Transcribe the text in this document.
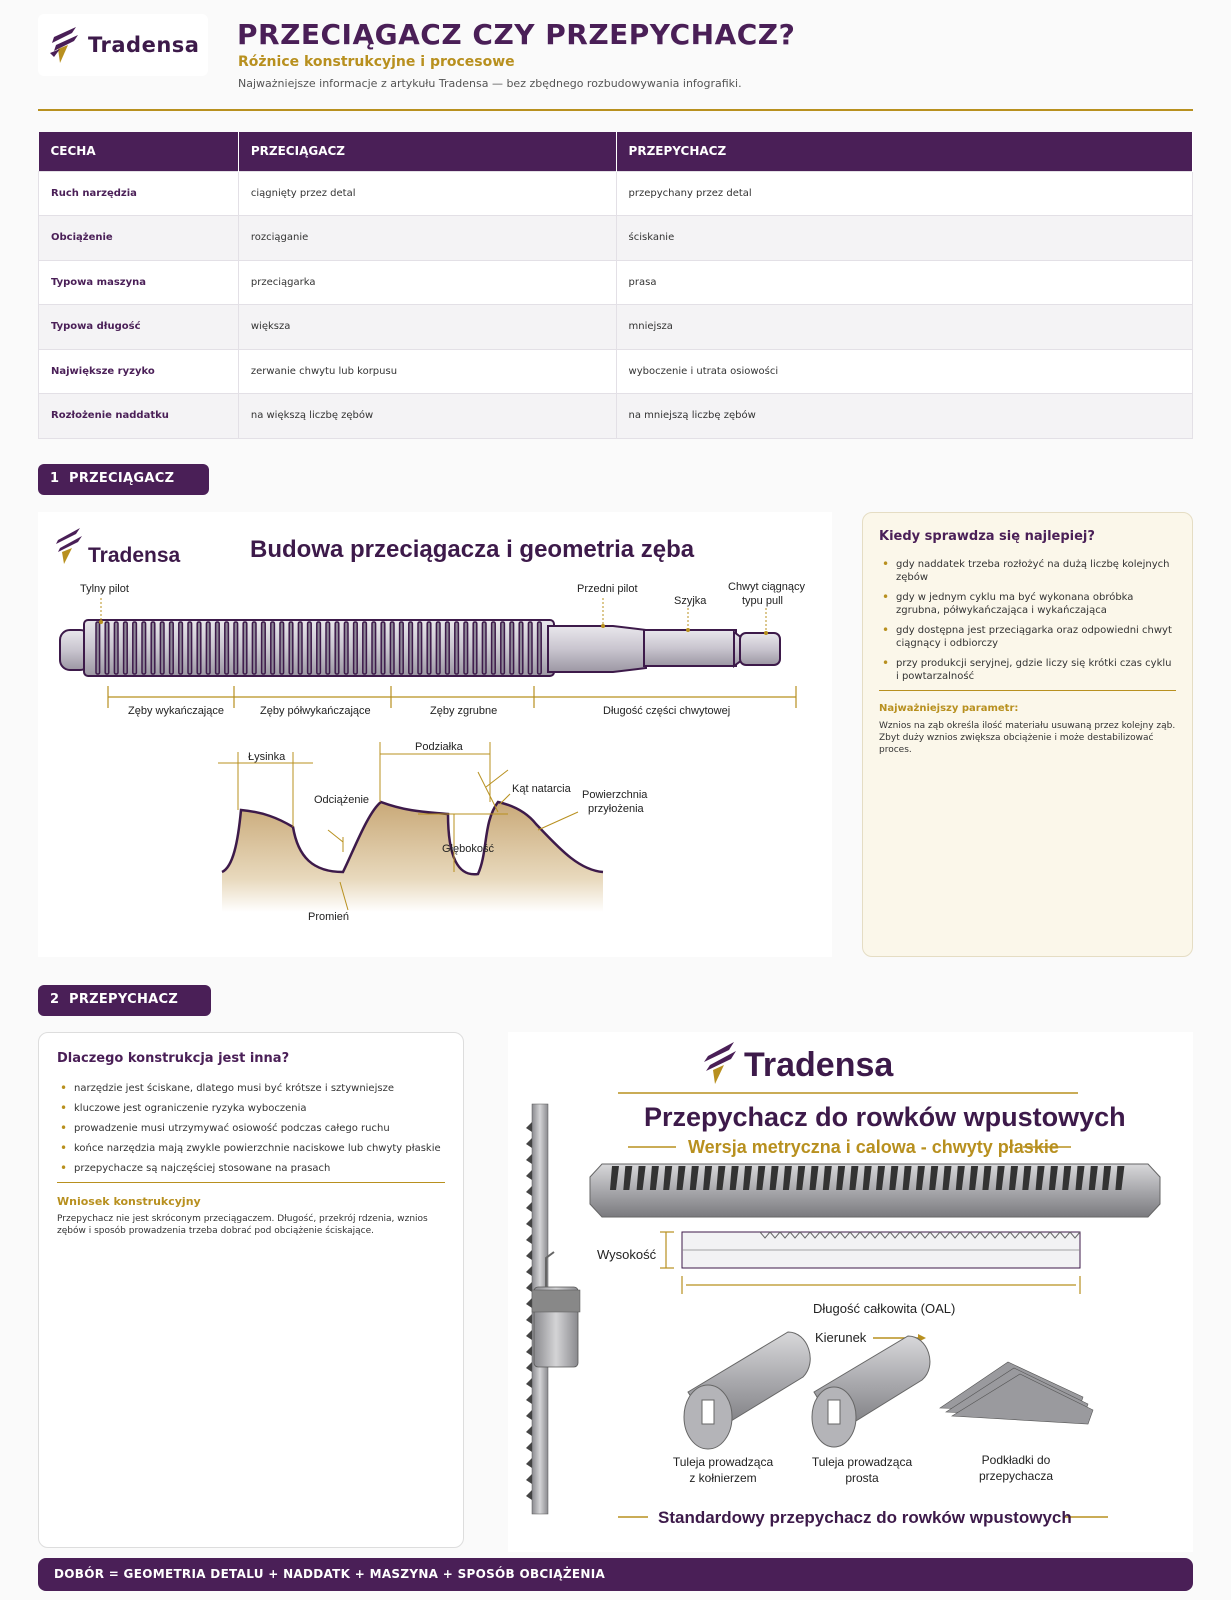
Tradensa PRZECIĄGACZ CZY PRZEPYCHACZ?
Różnice konstrukcyjne i procesowe
Najważniejsze informacje z artykułu Tradensa — bez zbędnego rozbudowywania infografiki.
CECHA	PRZECIĄGACZ	PRZEPYCHACZ
Ruch narzędzia	ciągnięty przez detal	przepychany przez detal
Obciążenie	rozciąganie	ściskanie
Typowa maszyna	przeciągarka	prasa
Typowa długość	większa	mniejsza
Największe ryzyko	zerwanie chwytu lub korpusu	wyboczenie i utrata osiowości
Rozłożenie naddatku	na większą liczbę zębów	na mniejszą liczbę zębów
1 PRZECIĄGACZ
Tradensa	Budowa przeciągacza i geometria zęba
Tylny pilot	Przedni pilot
Szyjka
Chwyt ciągnący
typu pull
Zęby wykańczające	Zęby półwykańczające	Zęby zgrubne	Długość części chwytowej
Łysinka
Podziałka
Odciążenie
Kąt natarcia Powierzchnia
przyłożenia
Głębokość
Promień
Kiedy sprawdza się najlepiej?
• gdy naddatek trzeba rozłożyć na dużą liczbę kolejnych zębów
• gdy w jednym cyklu ma być wykonana obróbka zgrubna, półwykańczająca i wykańczająca
• gdy dostępna jest przeciągarka oraz odpowiedni chwyt ciągnący i odbiorczy
• przy produkcji seryjnej, gdzie liczy się krótki czas cyklu i powtarzalność
Najważniejszy parametr:

Wznios na ząb określa ilość materiału usuwaną przez kolejny ząb. Zbyt duży wznios zwiększa obciążenie i może destabilizować proces.

2 PRZEPYCHACZ
Dlaczego konstrukcja jest inna?
• narzędzie jest ściskane, dlatego musi być krótsze i sztywniejsze
• kluczowe jest ograniczenie ryzyka wyboczenia
• prowadzenie musi utrzymywać osiowość podczas całego ruchu
• końce narzędzia mają zwykle powierzchnie naciskowe lub chwyty płaskie
• przepychacze są najczęściej stosowane na prasach
Wniosek konstrukcyjny

Przepychacz nie jest skróconym przeciągaczem. Długość, przekrój rdzenia, wznios zębów i sposób prowadzenia trzeba dobrać pod obciążenie ściskające.

Tradensa
Przepychacz do rowków wpustowych
Wersja metryczna i calowa - chwyty płaskie
Wysokość
Długość całkowita (OAL)
Kierunek
Tuleja prowadząca
z kołnierzem
Tuleja prowadząca
prosta
Podkładki do
przepychacza
Standardowy przepychacz do rowków wpustowych
DOBÓR = GEOMETRIA DETALU + NADDATK + MASZYNA + SPOSÓB OBCIĄŻENIA
